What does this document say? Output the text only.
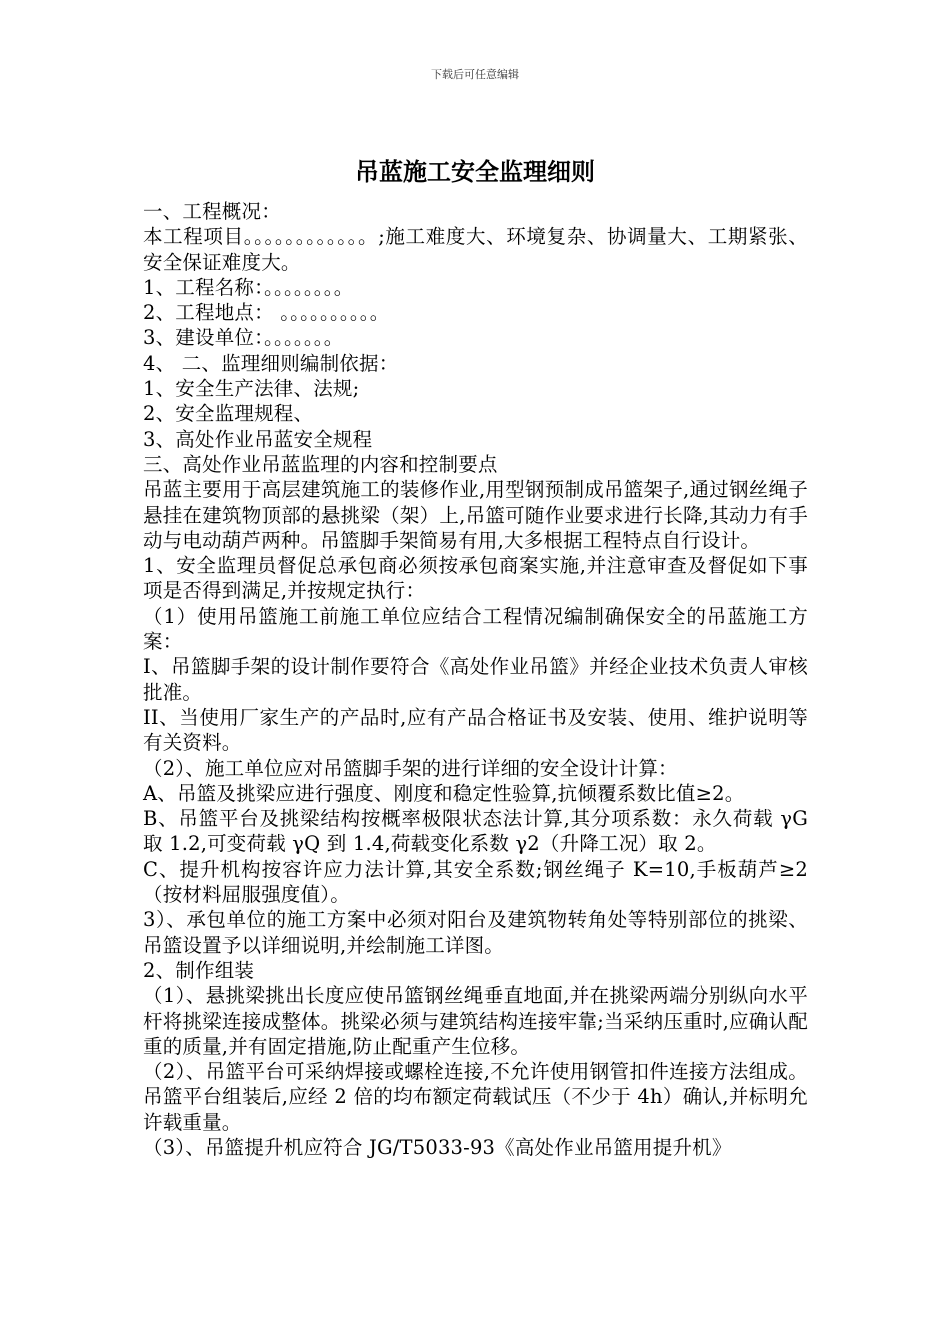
下载后可任意编辑
吊蓝施工安全监理细则

一、工程概况：

本工程项目。。。。。。。。。。。。;施工难度大、环境复杂、协调量大、工期紧张、安全保证难度大。

1、工程名称：。。。。。。。。

2、工程地点： 。。。。。。。。。。

3、建设单位：。。。。。。。

4、 二、监理细则编制依据：

1、安全生产法律、法规;

2、安全监理规程、

3、高处作业吊蓝安全规程

三、高处作业吊蓝监理的内容和控制要点

吊蓝主要用于高层建筑施工的装修作业,用型钢预制成吊篮架子,通过钢丝绳子悬挂在建筑物顶部的悬挑梁（架）上,吊篮可随作业要求进行长降,其动力有手动与电动葫芦两种。吊篮脚手架简易有用,大多根据工程特点自行设计。

1、安全监理员督促总承包商必须按承包商案实施,并注意审查及督促如下事项是否得到满足,并按规定执行：

（1）使用吊篮施工前施工单位应结合工程情况编制确保安全的吊蓝施工方案：

I、吊篮脚手架的设计制作要符合《高处作业吊篮》并经企业技术负责人审核批准。

II、当使用厂家生产的产品时,应有产品合格证书及安装、使用、维护说明等有关资料。

（2）、施工单位应对吊篮脚手架的进行详细的安全设计计算：

A、吊篮及挑梁应进行强度、刚度和稳定性验算,抗倾覆系数比值≥2。

B、吊篮平台及挑梁结构按概率极限状态法计算,其分项系数：永久荷载 γG 取 1.2,可变荷载 γQ 到 1.4,荷载变化系数 γ2（升降工况）取 2。

C、提升机构按容许应力法计算,其安全系数;钢丝绳子 K=10,手板葫芦≥2（按材料屈服强度值）。

3）、承包单位的施工方案中必须对阳台及建筑物转角处等特别部位的挑梁、吊篮设置予以详细说明,并绘制施工详图。

2、制作组装

（1）、悬挑梁挑出长度应使吊篮钢丝绳垂直地面,并在挑梁两端分别纵向水平杆将挑梁连接成整体。挑梁必须与建筑结构连接牢靠;当采纳压重时,应确认配重的质量,并有固定措施,防止配重产生位移。

（2）、吊篮平台可采纳焊接或螺栓连接,不允许使用钢管扣件连接方法组成。吊篮平台组装后,应经 2 倍的均布额定荷载试压（不少于 4h）确认,并标明允许载重量。

（3）、吊篮提升机应符合 JG/T5033-93《高处作业吊篮用提升机》
